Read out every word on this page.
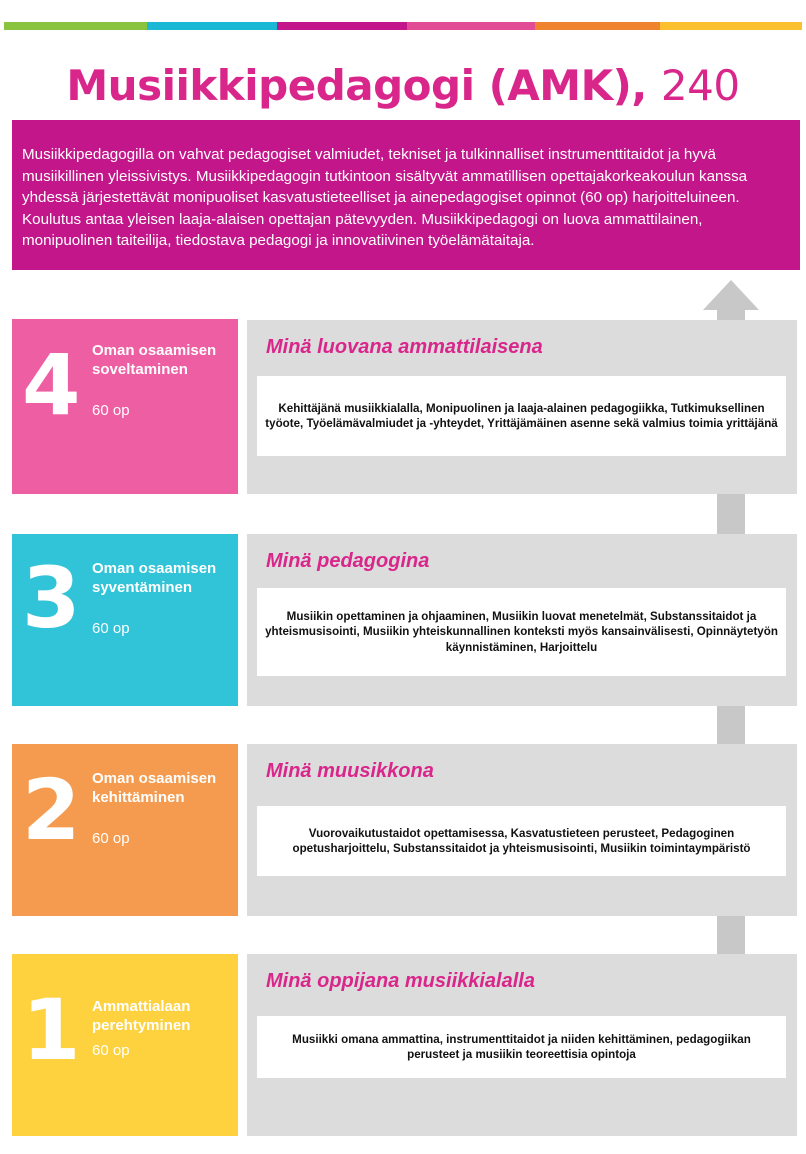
Musiikkipedagogi (AMK), 240

Musiikkipedagogilla on vahvat pedagogiset valmiudet, tekniset ja tulkinnalliset instrumenttitaidot ja hyvä musiikillinen yleissivistys. Musiikkipedagogin tutkintoon sisältyvät ammatillisen opettajakorkeakoulun kanssa yhdessä järjestettävät monipuoliset kasvatustieteelliset ja ainepedagogiset opinnot (60 op) harjoitteluineen. Koulutus antaa yleisen laaja-alaisen opettajan pätevyyden. Musiikkipedagogi on luova ammattilainen, monipuolinen taiteilija, tiedostava pedagogi ja innovatiivinen työelämätaitaja.

4 Oman osaamisen soveltaminen
60 op
Minä luovana ammattilaisena
Kehittäjänä musiikkialalla, Monipuolinen ja laaja-alainen pedagogiikka, Tutkimuksellinen työote, Työelämävalmiudet ja -yhteydet, Yrittäjämäinen asenne sekä valmius toimia yrittäjänä
3 Oman osaamisen syventäminen
60 op
Minä pedagogina
Musiikin opettaminen ja ohjaaminen, Musiikin luovat menetelmät, Substanssitaidot ja yhteismusisointi, Musiikin yhteiskunnallinen konteksti myös kansainvälisesti, Opinnäytetyön käynnistäminen, Harjoittelu
2 Oman osaamisen kehittäminen
60 op
Minä muusikkona
Vuorovaikutustaidot opettamisessa, Kasvatustieteen perusteet, Pedagoginen opetusharjoittelu, Substanssitaidot ja yhteismusisointi, Musiikin toimintaympäristö
1 Ammattialaan perehtyminen
60 op
Minä oppijana musiikkialalla
Musiikki omana ammattina, instrumenttitaidot ja niiden kehittäminen, pedagogiikan perusteet ja musiikin teoreettisia opintoja
